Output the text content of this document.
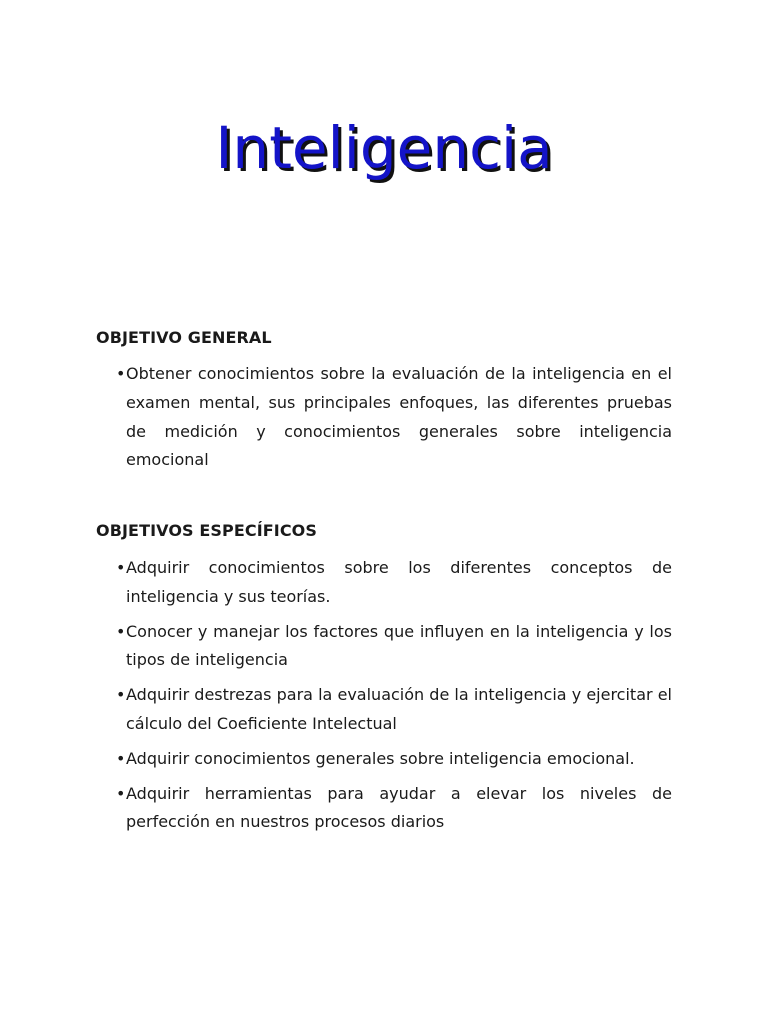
Inteligencia
OBJETIVO GENERAL
• Obtener conocimientos sobre la evaluación de la inteligencia en el examen mental, sus principales enfoques, las diferentes pruebas de medición y conocimientos generales sobre inteligencia emocional
OBJETIVOS ESPECÍFICOS
• Adquirir conocimientos sobre los diferentes conceptos de inteligencia y sus teorías.
• Conocer y manejar los factores que influyen en la inteligencia y los tipos de inteligencia
• Adquirir destrezas para la evaluación de la inteligencia y ejercitar el cálculo del Coeficiente Intelectual
• Adquirir conocimientos generales sobre inteligencia emocional.
• Adquirir herramientas para ayudar a elevar los niveles de perfección en nuestros procesos diarios
